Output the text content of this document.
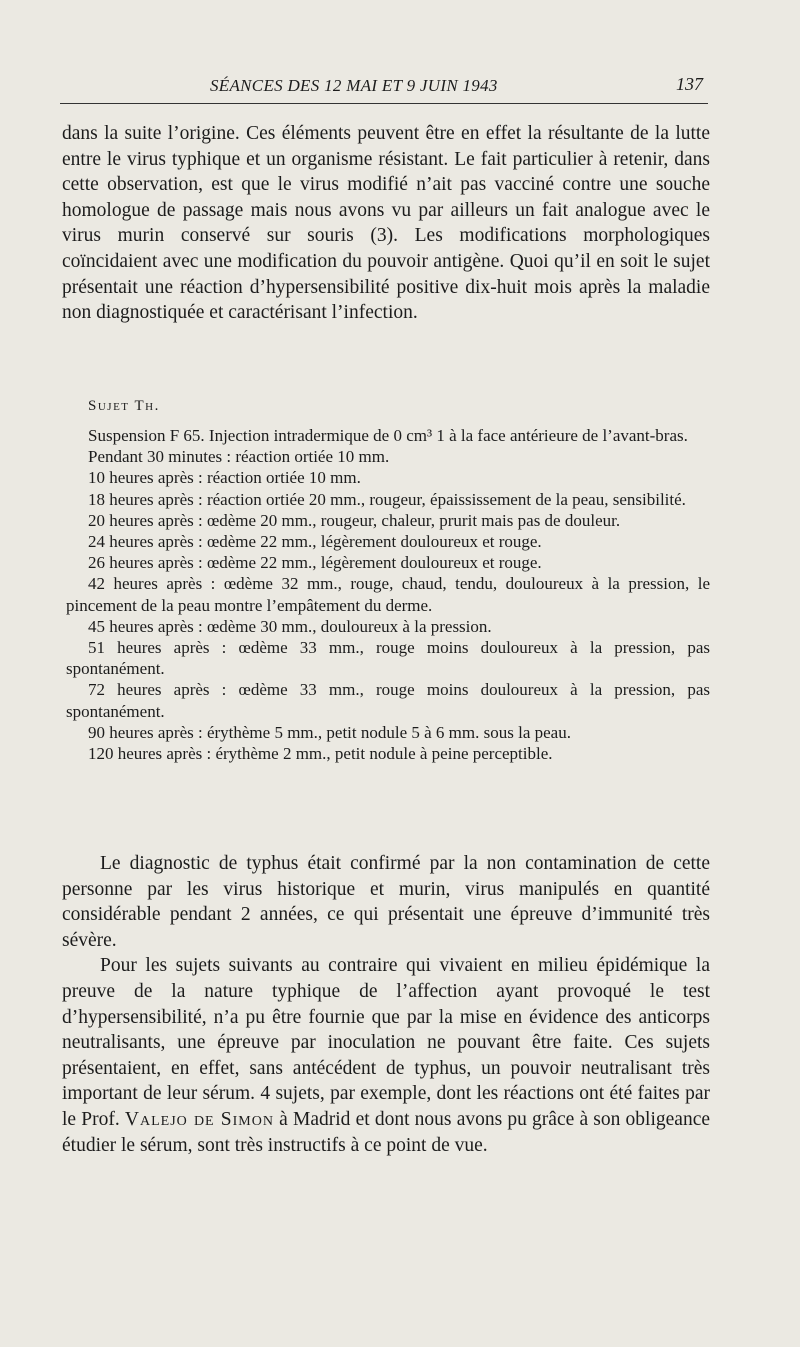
SÉANCES DES 12 MAI ET 9 JUIN 1943	137

dans la suite l’origine. Ces éléments peuvent être en effet la résultante de la lutte entre le virus typhique et un organisme résistant. Le fait particulier à retenir, dans cette observation, est que le virus modifié n’ait pas vacciné contre une souche homologue de passage mais nous avons vu par ailleurs un fait analogue avec le virus murin conservé sur souris (3). Les modifications morphologiques coïncidaient avec une modification du pouvoir antigène. Quoi qu’il en soit le sujet présentait une réaction d’hypersensibilité positive dix-huit mois après la maladie non diagnostiquée et caractérisant l’infection.

Sujet Th.

Suspension F 65. Injection intradermique de 0 cm³ 1 à la face antérieure de l’avant-bras.

Pendant 30 minutes : réaction ortiée 10 mm.

10 heures après : réaction ortiée 10 mm.

18 heures après : réaction ortiée 20 mm., rougeur, épaississement de la peau, sensibilité.

20 heures après : œdème 20 mm., rougeur, chaleur, prurit mais pas de douleur.

24 heures après : œdème 22 mm., légèrement douloureux et rouge.

26 heures après : œdème 22 mm., légèrement douloureux et rouge.

42 heures après : œdème 32 mm., rouge, chaud, tendu, douloureux à la pression, le pincement de la peau montre l’empâtement du derme.

45 heures après : œdème 30 mm., douloureux à la pression.

51 heures après : œdème 33 mm., rouge moins douloureux à la pression, pas spontanément.

72 heures après : œdème 33 mm., rouge moins douloureux à la pression, pas spontanément.

90 heures après : érythème 5 mm., petit nodule 5 à 6 mm. sous la peau.

120 heures après : érythème 2 mm., petit nodule à peine perceptible.

Le diagnostic de typhus était confirmé par la non contamination de cette personne par les virus historique et murin, virus manipulés en quantité considérable pendant 2 années, ce qui présentait une épreuve d’immunité très sévère.

Pour les sujets suivants au contraire qui vivaient en milieu épidémique la preuve de la nature typhique de l’affection ayant provoqué le test d’hypersensibilité, n’a pu être fournie que par la mise en évidence des anticorps neutralisants, une épreuve par inoculation ne pouvant être faite. Ces sujets présentaient, en effet, sans antécédent de typhus, un pouvoir neutralisant très important de leur sérum. 4 sujets, par exemple, dont les réactions ont été faites par le Prof. Valejo de Simon à Madrid et dont nous avons pu grâce à son obligeance étudier le sérum, sont très instructifs à ce point de vue.
